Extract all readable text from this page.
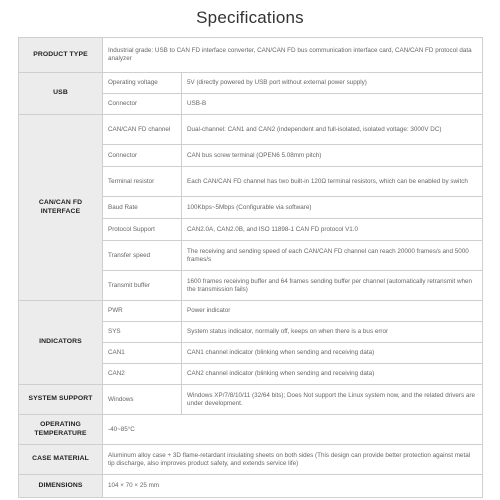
Specifications
PRODUCT TYPE	Industrial grade: USB to CAN FD interface converter, CAN/CAN FD bus communication interface card, CAN/CAN FD protocol data analyzer	
USB	Operating voltage	5V (directly powered by USB port without external power supply)
	Connector	USB-B
CAN/CAN FD INTERFACE	CAN/CAN FD channel	Dual-channel: CAN1 and CAN2 (independent and full-isolated, isolated voltage: 3000V DC)
	Connector	CAN bus screw terminal (OPEN6 5.08mm pitch)
	Terminal resistor	Each CAN/CAN FD channel has two built-in 120Ω terminal resistors, which can be enabled by switch
	Baud Rate	100Kbps~5Mbps (Configurable via software)
	Protocol Support	CAN2.0A, CAN2.0B, and ISO 11898-1 CAN FD protocol V1.0
	Transfer speed	The receiving and sending speed of each CAN/CAN FD channel can reach 20000 frames/s and 5000 frames/s
	Transmit buffer	1600 frames receiving buffer and 64 frames sending buffer per channel (automatically retransmit when the transmission fails)
INDICATORS	PWR	Power indicator
	SYS	System status indicator, normally off, keeps on when there is a bus error
	CAN1	CAN1 channel indicator (blinking when sending and receiving data)
	CAN2	CAN2 channel indicator (blinking when sending and receiving data)
SYSTEM SUPPORT	Windows	Windows XP/7/8/10/11 (32/64 bits); Does Not support the Linux system now, and the related drivers are under development.
OPERATING TEMPERATURE	-40~85°C	
CASE MATERIAL	Aluminum alloy case + 3D flame-retardant insulating sheets on both sides (This design can provide better protection against metal tip discharge, also improves product safety, and extends service life)	
DIMENSIONS	104 × 70 × 25 mm	
